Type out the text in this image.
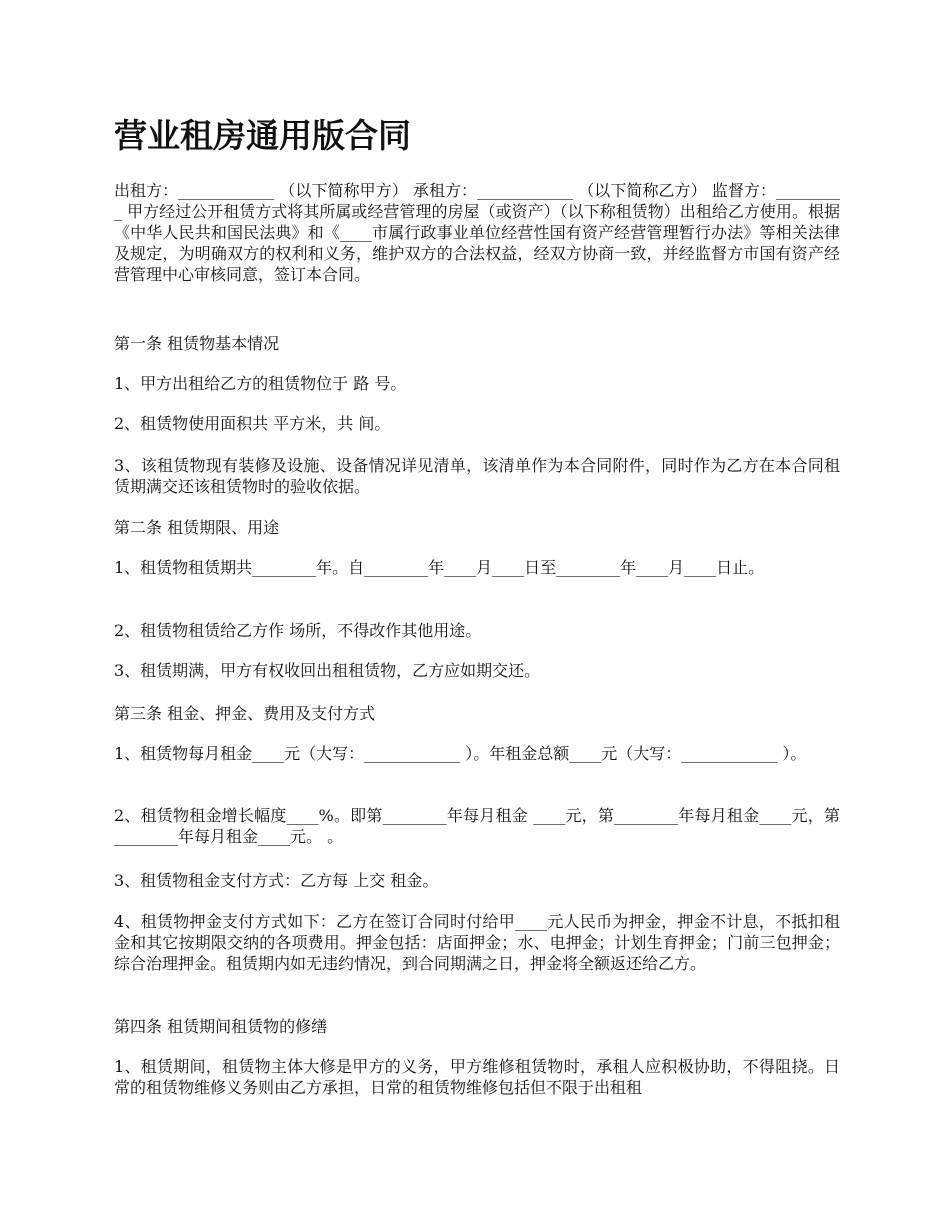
营业租房通用版合同

出租方：____________ （以下简称甲方） 承租方：____________ （以下简称乙方） 监督方：_________ 甲方经过公开租赁方式将其所属或经营管理的房屋（或资产）（以下称租赁物）出租给乙方使用。根据《中华人民共和国民法典》和《____市属行政事业单位经营性国有资产经营管理暂行办法》等相关法律及规定，为明确双方的权利和义务，维护双方的合法权益，经双方协商一致，并经监督方市国有资产经营管理中心审核同意，签订本合同。

第一条 租赁物基本情况

1、甲方出租给乙方的租赁物位于 路 号。

2、租赁物使用面积共 平方米，共 间。

3、该租赁物现有装修及设施、设备情况详见清单，该清单作为本合同附件，同时作为乙方在本合同租赁期满交还该租赁物时的验收依据。

第二条 租赁期限、用途

1、租赁物租赁期共________年。自________年____月____日至________年____月____日止。

2、租赁物租赁给乙方作 场所，不得改作其他用途。

3、租赁期满，甲方有权收回出租租赁物，乙方应如期交还。

第三条 租金、押金、费用及支付方式

1、租赁物每月租金____元（大写：____________ ）。年租金总额____元（大写：____________ ）。

2、租赁物租金增长幅度____%。即第________年每月租金 ____元，第________年每月租金____元，第________年每月租金____元。 。

3、租赁物租金支付方式：乙方每 上交 租金。

4、租赁物押金支付方式如下：乙方在签订合同时付给甲____元人民币为押金，押金不计息，不抵扣租金和其它按期限交纳的各项费用。押金包括：店面押金；水、电押金；计划生育押金；门前三包押金；综合治理押金。租赁期内如无违约情况，到合同期满之日，押金将全额返还给乙方。

第四条 租赁期间租赁物的修缮

1、租赁期间，租赁物主体大修是甲方的义务，甲方维修租赁物时，承租人应积极协助，不得阻挠。日常的租赁物维修义务则由乙方承担，日常的租赁物维修包括但不限于出租租
